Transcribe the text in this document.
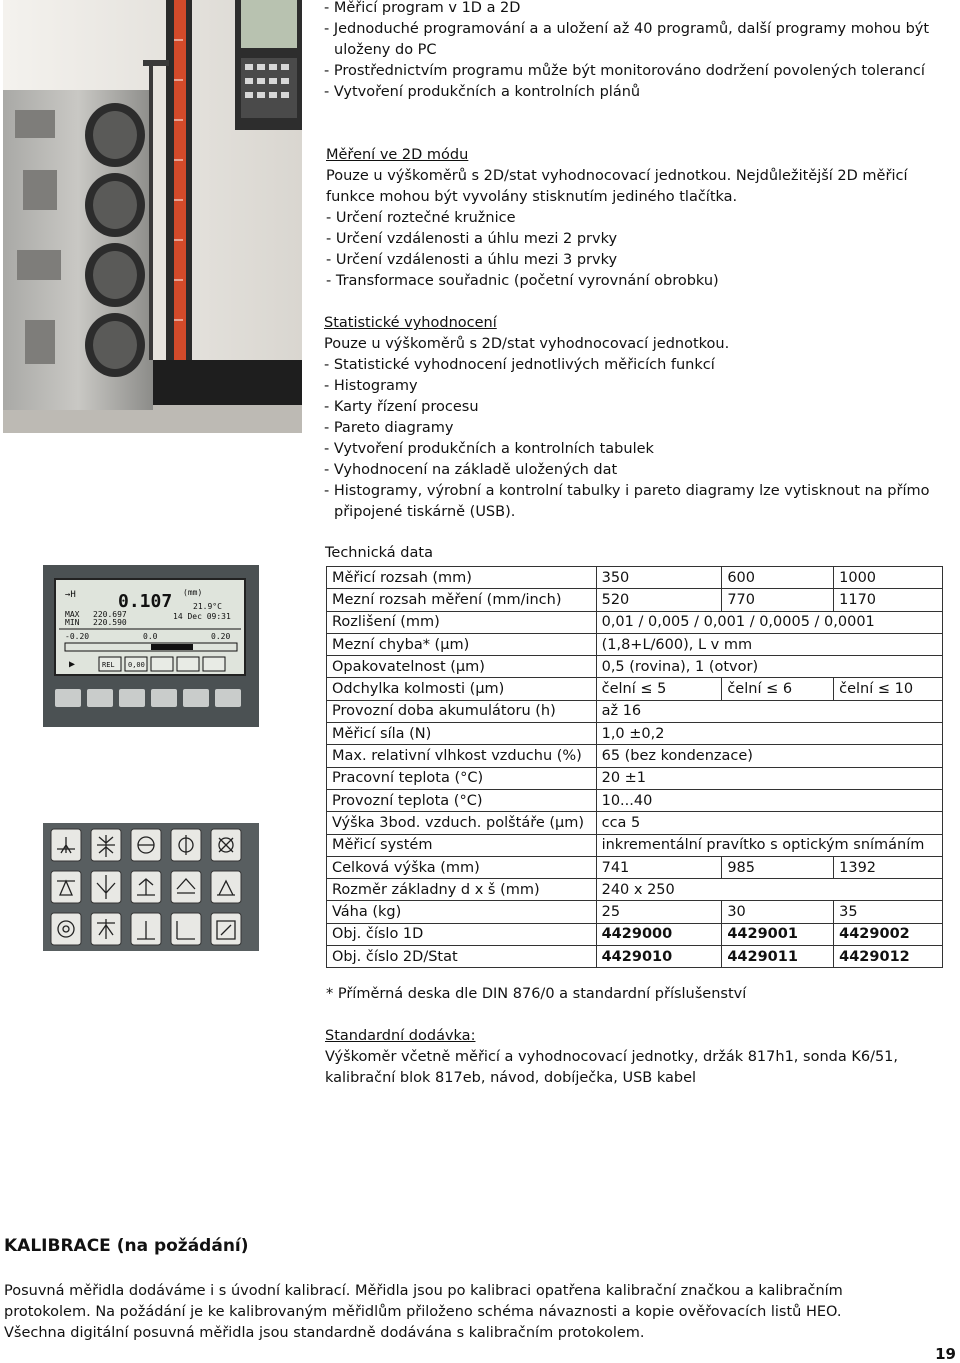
- Měřicí program v 1D a 2D
- Jednoduché programování a a uložení až 40 programů, další programy mohou být uloženy do PC
- Prostřednictvím programu může být monitorováno dodržení povolených tolerancí
- Vytvoření produkčních a kontrolních plánů
Měření ve 2D módu
Pouze u výškoměrů s 2D/stat vyhodnocovací jednotkou. Nejdůležitější 2D měřicí funkce mohou být vyvolány stisknutím jediného tlačítka.
- Určení roztečné kružnice
- Určení vzdálenosti a úhlu mezi 2 prvky
- Určení vzdálenosti a úhlu mezi 3 prvky
- Transformace souřadnic (početní vyrovnání obrobku)
Statistické vyhodnocení
Pouze u výškoměrů s 2D/stat vyhodnocovací jednotkou.
- Statistické vyhodnocení jednotlivých měřicích funkcí
- Histogramy
- Karty řízení procesu
- Pareto diagramy
- Vytvoření produkčních a kontrolních tabulek
- Vyhodnocení na základě uložených dat
- Histogramy, výrobní a kontrolní tabulky i pareto diagramy lze vytisknout na přímo připojené tiskárně (USB).
Technická data
→H 0.107 (mm)
MAX
MIN
220.697
220.590
21.9°C
14 Dec 09:31
-0.20	0.0	0.20
REL 0,00
▶
Měřicí rozsah (mm)	350	600	1000
Mezní rozsah měření (mm/inch)	520	770	1170
Rozlišení (mm)	0,01 / 0,005 / 0,001 / 0,0005 / 0,0001		
Mezní chyba* (µm)	(1,8+L/600), L v mm		
Opakovatelnost (µm)	0,5 (rovina), 1 (otvor)		
Odchylka kolmosti (µm)	čelní ≤ 5	čelní ≤ 6	čelní ≤ 10
Provozní doba akumulátoru (h)	až 16		
Měřicí síla (N)	1,0 ±0,2		
Max. relativní vlhkost vzduchu (%)	65 (bez kondenzace)		
Pracovní teplota (°C)	20 ±1		
Provozní teplota (°C)	10...40		
Výška 3bod. vzduch. polštáře (µm)	cca 5		
Měřicí systém	inkrementální pravítko s optickým snímáním		
Celková výška (mm)	741	985	1392
Rozměr základny d x š (mm)	240 x 250		
Váha (kg)	25	30	35
Obj. číslo 1D	4429000	4429001	4429002
Obj. číslo 2D/Stat	4429010	4429011	4429012
* Příměrná deska dle DIN 876/0 a standardní příslušenství
Standardní dodávka:
Výškoměr včetně měřicí a vyhodnocovací jednotky, držák 817h1, sonda K6/51, kalibrační blok 817eb, návod, dobíječka, USB kabel
KALIBRACE (na požádání)
Posuvná měřidla dodáváme i s úvodní kalibrací. Měřidla jsou po kalibraci opatřena kalibrační značkou a kalibračním
protokolem. Na požádání je ke kalibrovaným měřidlům přiloženo schéma návaznosti a kopie ověřovacích listů HEO.
Všechna digitální posuvná měřidla jsou standardně dodávána s kalibračním protokolem.
19
